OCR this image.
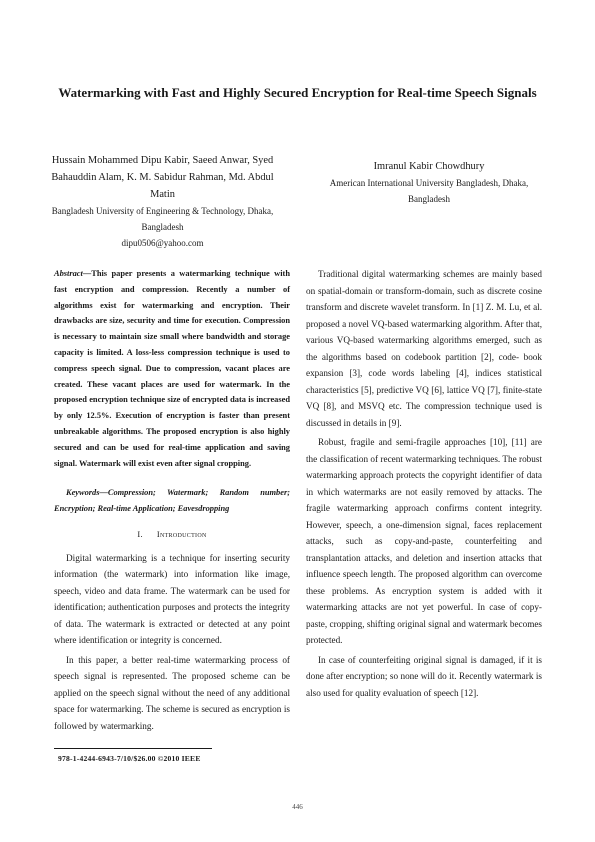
Watermarking with Fast and Highly Secured Encryption for Real-time Speech Signals
Hussain Mohammed Dipu Kabir, Saeed Anwar, Syed Bahauddin Alam, K. M. Sabidur Rahman, Md. Abdul Matin
Bangladesh University of Engineering & Technology, Dhaka, Bangladesh
dipu0506@yahoo.com
Imranul Kabir Chowdhury
American International University Bangladesh, Dhaka, Bangladesh
Abstract—This paper presents a watermarking technique with fast encryption and compression. Recently a number of algorithms exist for watermarking and encryption. Their drawbacks are size, security and time for execution. Compression is necessary to maintain size small where bandwidth and storage capacity is limited. A loss-less compression technique is used to compress speech signal. Due to compression, vacant places are created. These vacant places are used for watermark. In the proposed encryption technique size of encrypted data is increased by only 12.5%. Execution of encryption is faster than present unbreakable algorithms. The proposed encryption is also highly secured and can be used for real-time application and saving signal. Watermark will exist even after signal cropping.
Keywords—Compression; Watermark; Random number; Encryption; Real-time Application; Eavesdropping
I. Introduction

Digital watermarking is a technique for inserting security information (the watermark) into information like image, speech, video and data frame. The watermark can be used for identification; authentication purposes and protects the integrity of data. The watermark is extracted or detected at any point where identification or integrity is concerned.

In this paper, a better real-time watermarking process of speech signal is represented. The proposed scheme can be applied on the speech signal without the need of any additional space for watermarking. The scheme is secured as encryption is followed by watermarking.

Traditional digital watermarking schemes are mainly based on spatial-domain or transform-domain, such as discrete cosine transform and discrete wavelet transform. In [1] Z. M. Lu, et al. proposed a novel VQ-based watermarking algorithm. After that, various VQ-based watermarking algorithms emerged, such as the algorithms based on codebook partition [2], code- book expansion [3], code words labeling [4], indices statistical characteristics [5], predictive VQ [6], lattice VQ [7], finite-state VQ [8], and MSVQ etc. The compression technique used is discussed in details in [9].

Robust, fragile and semi-fragile approaches [10], [11] are the classification of recent watermarking techniques. The robust watermarking approach protects the copyright identifier of data in which watermarks are not easily removed by attacks. The fragile watermarking approach confirms content integrity. However, speech, a one-dimension signal, faces replacement attacks, such as copy-and-paste, counterfeiting and transplantation attacks, and deletion and insertion attacks that influence speech length. The proposed algorithm can overcome these problems. As encryption system is added with it watermarking attacks are not yet powerful. In case of copy-paste, cropping, shifting original signal and watermark becomes protected.

In case of counterfeiting original signal is damaged, if it is done after encryption; so none will do it. Recently watermark is also used for quality evaluation of speech [12].

978-1-4244-6943-7/10/$26.00 ©2010 IEEE
446
